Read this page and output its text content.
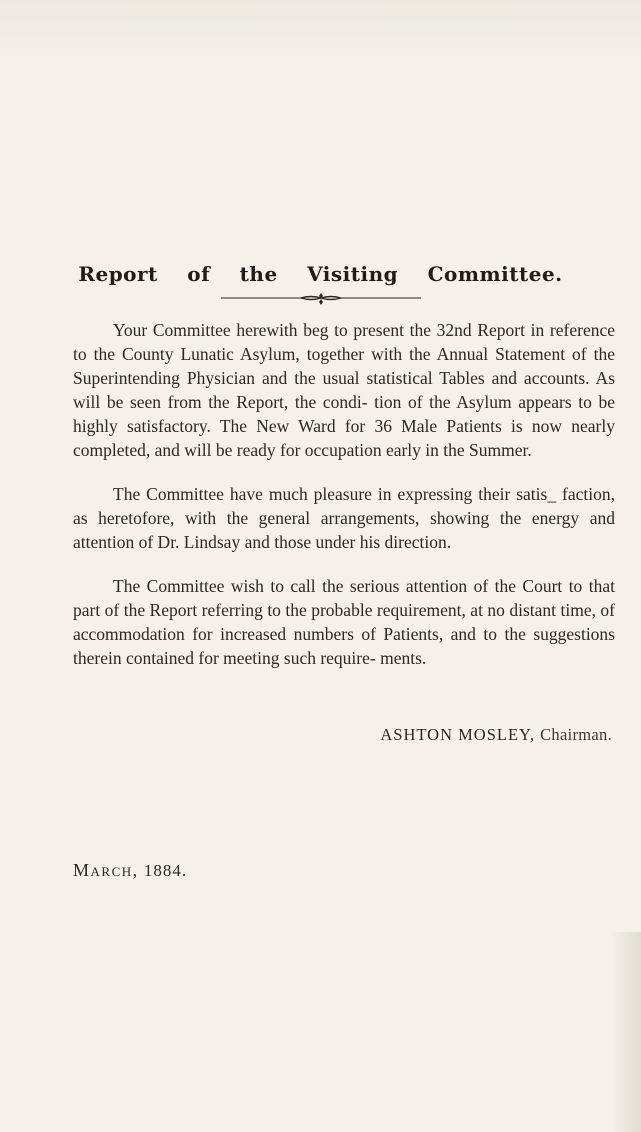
Report of the Visiting Committee.

Your Committee herewith beg to present the 32nd Report in reference to the County Lunatic Asylum, together with the Annual Statement of the Superintending Physician and the usual statistical Tables and accounts. As will be seen from the Report, the condi- tion of the Asylum appears to be highly satisfactory. The New Ward for 36 Male Patients is now nearly completed, and will be ready for occupation early in the Summer.

The Committee have much pleasure in expressing their satis_ faction, as heretofore, with the general arrangements, showing the energy and attention of Dr. Lindsay and those under his direction.

The Committee wish to call the serious attention of the Court to that part of the Report referring to the probable requirement, at no distant time, of accommodation for increased numbers of Patients, and to the suggestions therein contained for meeting such require- ments.

ASHTON MOSLEY, Chairman.
March, 1884.
